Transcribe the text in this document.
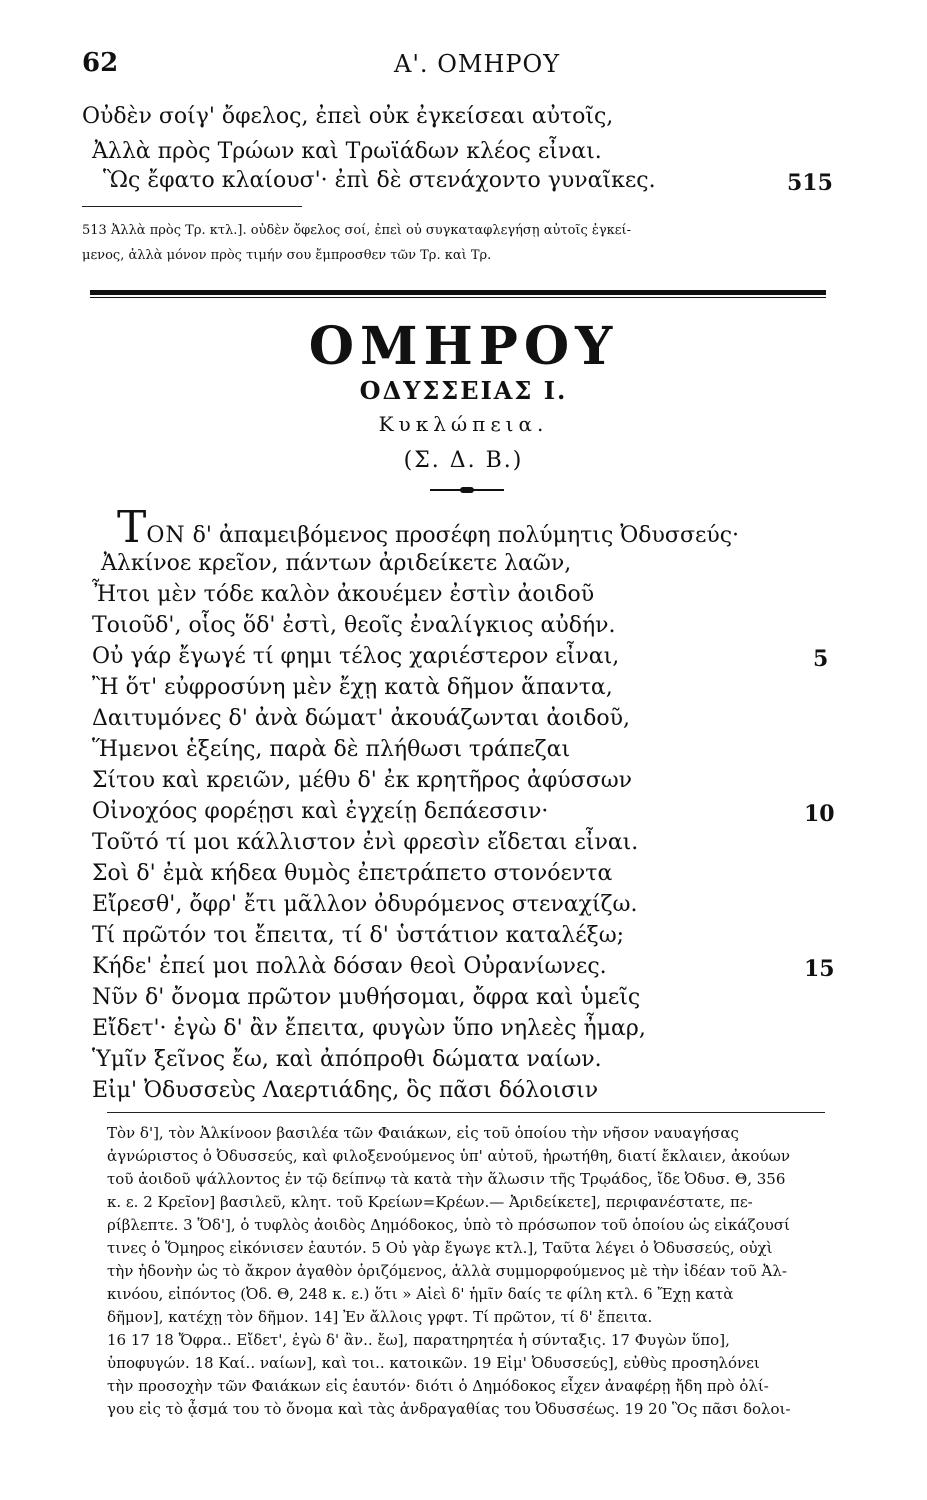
62	Α'. ΟΜΗΡΟΥ
Οὐδὲν σοίγ' ὄφελος, ἐπεὶ οὐκ ἐγκείσεαι αὐτοῖς,
Ἀλλὰ πρὸς Τρώων καὶ Τρωϊάδων κλέος εἶναι.
Ὣς ἔφατο κλαίουσ'· ἐπὶ δὲ στενάχοντο γυναῖκες.	515
513 Ἀλλὰ πρὸς Τρ. κτλ.]. οὐδὲν ὄφελος σοί, ἐπεὶ οὐ συγκαταφλεγήσῃ αὐτοῖς ἐγκεί-
μενος, ἀλλὰ μόνον πρὸς τιμήν σου ἔμπροσθεν τῶν Τρ. καὶ Τρ.
ΟΜΗΡΟΥ
ΟΔΥΣΣΕΙΑΣ Ι.
Κυκλώπεια.
(Σ. Δ. Β.)
ΤΟΝ δ' ἀπαμειβόμενος προσέφη πολύμητις Ὀδυσσεύς·
Ἀλκίνοε κρεῖον, πάντων ἀριδείκετε λαῶν,
Ἦτοι μὲν τόδε καλὸν ἀκουέμεν ἐστὶν ἀοιδοῦ
Τοιοῦδ', οἷος ὅδ' ἐστὶ, θεοῖς ἐναλίγκιος αὐδήν.
Οὐ γάρ ἔγωγέ τί φημι τέλος χαριέστερον εἶναι,	5
Ἢ ὅτ' εὐφροσύνη μὲν ἔχῃ κατὰ δῆμον ἅπαντα,
Δαιτυμόνες δ' ἀνὰ δώματ' ἀκουάζωνται ἀοιδοῦ,
Ἥμενοι ἑξείης, παρὰ δὲ πλήθωσι τράπεζαι
Σίτου καὶ κρειῶν, μέθυ δ' ἐκ κρητῆρος ἀφύσσων
Οἰνοχόος φορέῃσι καὶ ἐγχείῃ δεπάεσσιν·	10
Τοῦτό τί μοι κάλλιστον ἐνὶ φρεσὶν εἴδεται εἶναι.
Σοὶ δ' ἐμὰ κήδεα θυμὸς ἐπετράπετο στονόεντα
Εἴρεσθ', ὄφρ' ἔτι μᾶλλον ὀδυρόμενος στεναχίζω.
Τί πρῶτόν τοι ἔπειτα, τί δ' ὑστάτιον καταλέξω;
Κήδε' ἐπεί μοι πολλὰ δόσαν θεοὶ Οὐρανίωνες.	15
Νῦν δ' ὄνομα πρῶτον μυθήσομαι, ὄφρα καὶ ὑμεῖς
Εἴδετ'· ἐγὼ δ' ἂν ἔπειτα, φυγὼν ὕπο νηλεὲς ἦμαρ,
Ὑμῖν ξεῖνος ἔω, καὶ ἀπόπροθι δώματα ναίων.
Εἰμ' Ὀδυσσεὺς Λαερτιάδης, ὃς πᾶσι δόλοισιν
Τὸν δ'], τὸν Ἀλκίνοον βασιλέα τῶν Φαιάκων, εἰς τοῦ ὁποίου τὴν νῆσον ναυαγήσας
ἀγνώριστος ὁ Ὀδυσσεύς, καὶ φιλοξενούμενος ὑπ' αὐτοῦ, ἠρωτήθη, διατί ἔκλαιεν, ἀκούων
τοῦ ἀοιδοῦ ψάλλοντος ἐν τῷ δείπνῳ τὰ κατὰ τὴν ἅλωσιν τῆς Τρῳάδος, ἴδε Ὀδυσ. Θ, 356
κ. ε. 2 Κρεῖον] βασιλεῦ, κλητ. τοῦ Κρείων=Κρέων.— Ἀριδείκετε], περιφανέστατε, πε-
ρίβλεπτε. 3 Ὅδ'], ὁ τυφλὸς ἀοιδὸς Δημόδοκος, ὑπὸ τὸ πρόσωπον τοῦ ὁποίου ὡς εἰκάζουσί
τινες ὁ Ὅμηρος εἰκόνισεν ἑαυτόν. 5 Οὐ γὰρ ἔγωγε κτλ.], Ταῦτα λέγει ὁ Ὀδυσσεύς, οὐχὶ
τὴν ἡδονὴν ὡς τὸ ἄκρον ἀγαθὸν ὁριζόμενος, ἀλλὰ συμμορφούμενος μὲ τὴν ἰδέαν τοῦ Ἀλ-
κινόου, εἰπόντος (Ὀδ. Θ, 248 κ. ε.) ὅτι » Αἰεὶ δ' ἡμῖν δαίς τε φίλη κτλ. 6 Ἔχῃ κατὰ
δῆμον], κατέχῃ τὸν δῆμον. 14] Ἐν ἄλλοις γρφτ. Τί πρῶτον, τί δ' ἔπειτα.
16 17 18 Ὄφρα.. Εἴδετ', ἐγὼ δ' ἂν.. ἔω], παρατηρητέα ἡ σύνταξις. 17 Φυγὼν ὕπο],
ὑποφυγών. 18 Καί.. ναίων], καὶ τοι.. κατοικῶν. 19 Εἰμ' Ὀδυσσεύς], εὐθὺς προσηλόνει
τὴν προσοχὴν τῶν Φαιάκων εἰς ἑαυτόν· διότι ὁ Δημόδοκος εἶχεν ἀναφέρῃ ἤδη πρὸ ὀλί-
γου εἰς τὸ ᾆσμά του τὸ ὄνομα καὶ τὰς ἀνδραγαθίας του Ὀδυσσέως. 19 20 Ὃς πᾶσι δολοι-
